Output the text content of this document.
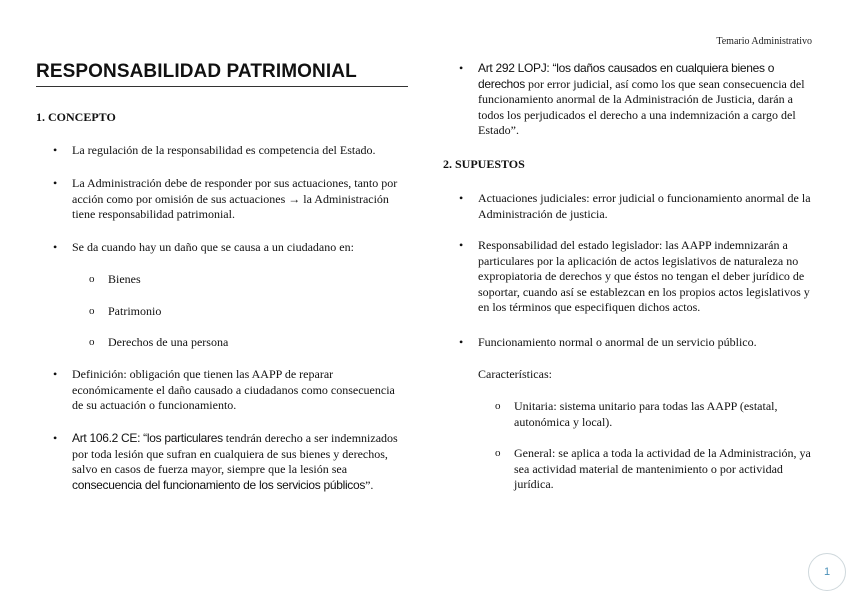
Temario Administrativo
RESPONSABILIDAD PATRIMONIAL
1. CONCEPTO
• La regulación de la responsabilidad es competencia del Estado.
• La Administración debe de responder por sus actuaciones, tanto por acción como por omisión de sus actuaciones → la Administración tiene responsabilidad patrimonial.
• Se da cuando hay un daño que se causa a un ciudadano en:
o Bienes
o Patrimonio
o Derechos de una persona
• Definición: obligación que tienen las AAPP de reparar económicamente el daño causado a ciudadanos como consecuencia de su actuación o funcionamiento.
• Art 106.2 CE: “los particulares tendrán derecho a ser indemnizados por toda lesión que sufran en cualquiera de sus bienes y derechos, salvo en casos de fuerza mayor, siempre que la lesión sea consecuencia del funcionamiento de los servicios públicos”.
• Art 292 LOPJ: “los daños causados en cualquiera bienes o derechos por error judicial, así como los que sean consecuencia del funcionamiento anormal de la Administración de Justicia, darán a todos los perjudicados el derecho a una indemnización a cargo del Estado”.
2. SUPUESTOS
• Actuaciones judiciales: error judicial o funcionamiento anormal de la Administración de justicia.
• Responsabilidad del estado legislador: las AAPP indemnizarán a particulares por la aplicación de actos legislativos de naturaleza no expropiatoria de derechos y que éstos no tengan el deber jurídico de soportar, cuando así se establezcan en los propios actos legislativos y en los términos que especifiquen dichos actos.
• Funcionamiento normal o anormal de un servicio público.
Características:
o Unitaria: sistema unitario para todas las AAPP (estatal, autonómica y local).
o General: se aplica a toda la actividad de la Administración, ya sea actividad material de mantenimiento o por actividad jurídica.
1
